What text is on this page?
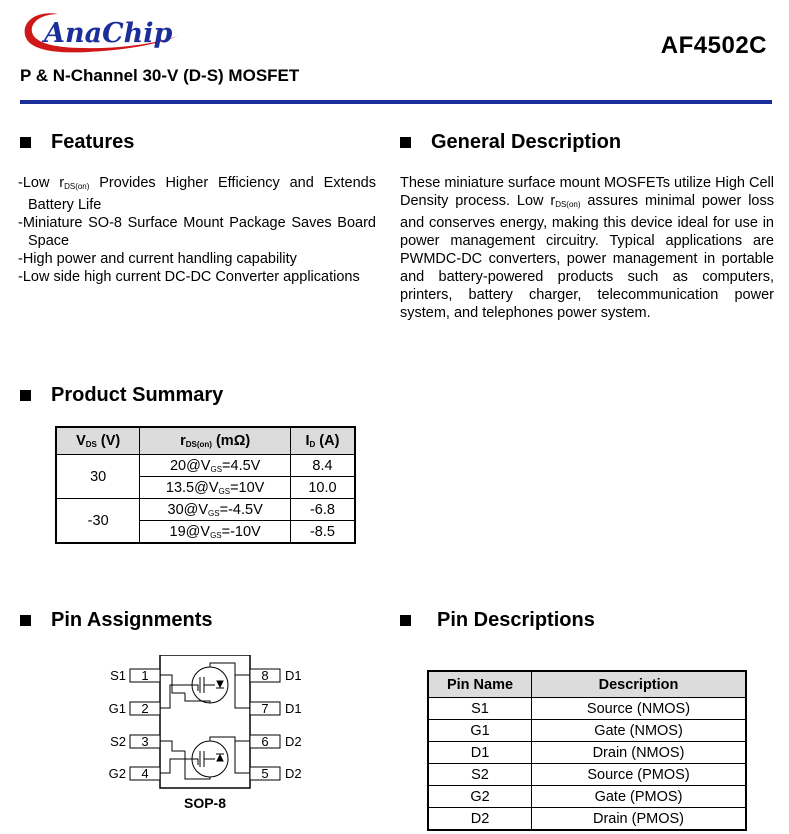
AnaChip	AF4502C
P & N-Channel 30-V (D-S) MOSFET
Features
-Low $r_{DS(on)}$ Provides Higher Efficiency and Extends Battery Life
-Miniature SO-8 Surface Mount Package Saves Board Space
-High power and current handling capability
-Low side high current DC-DC Converter applications
General Description
These miniature surface mount MOSFETs utilize High Cell Density process. Low $r_{DS(on)}$ assures minimal power loss and conserves energy, making this device ideal for use in power management circuitry. Typical applications are PWMDC-DC converters, power management in portable and battery-powered products such as computers, printers, battery charger, telecommunication power system, and telephones power system.
Product Summary
$V_{DS}$ (V)	$r_{DS(on)}$ (mΩ)	$I_D$ (A)
30	$20@V_{GS}=4.5V$	8.4
	$13.5@V_{GS}=10V$	10.0
-30	$30@V_{GS}=-4.5V$	-6.8
	$19@V_{GS}=-10V$	-8.5
Pin Assignments
1
S1
2
G1
3
S2
4
G2
8 D1
7 D1
6 D2
5 D2
SOP-8
Pin Descriptions
Pin Name	Description
S1	Source (NMOS)
G1	Gate (NMOS)
D1	Drain (NMOS)
S2	Source (PMOS)
G2	Gate (PMOS)
D2	Drain (PMOS)
